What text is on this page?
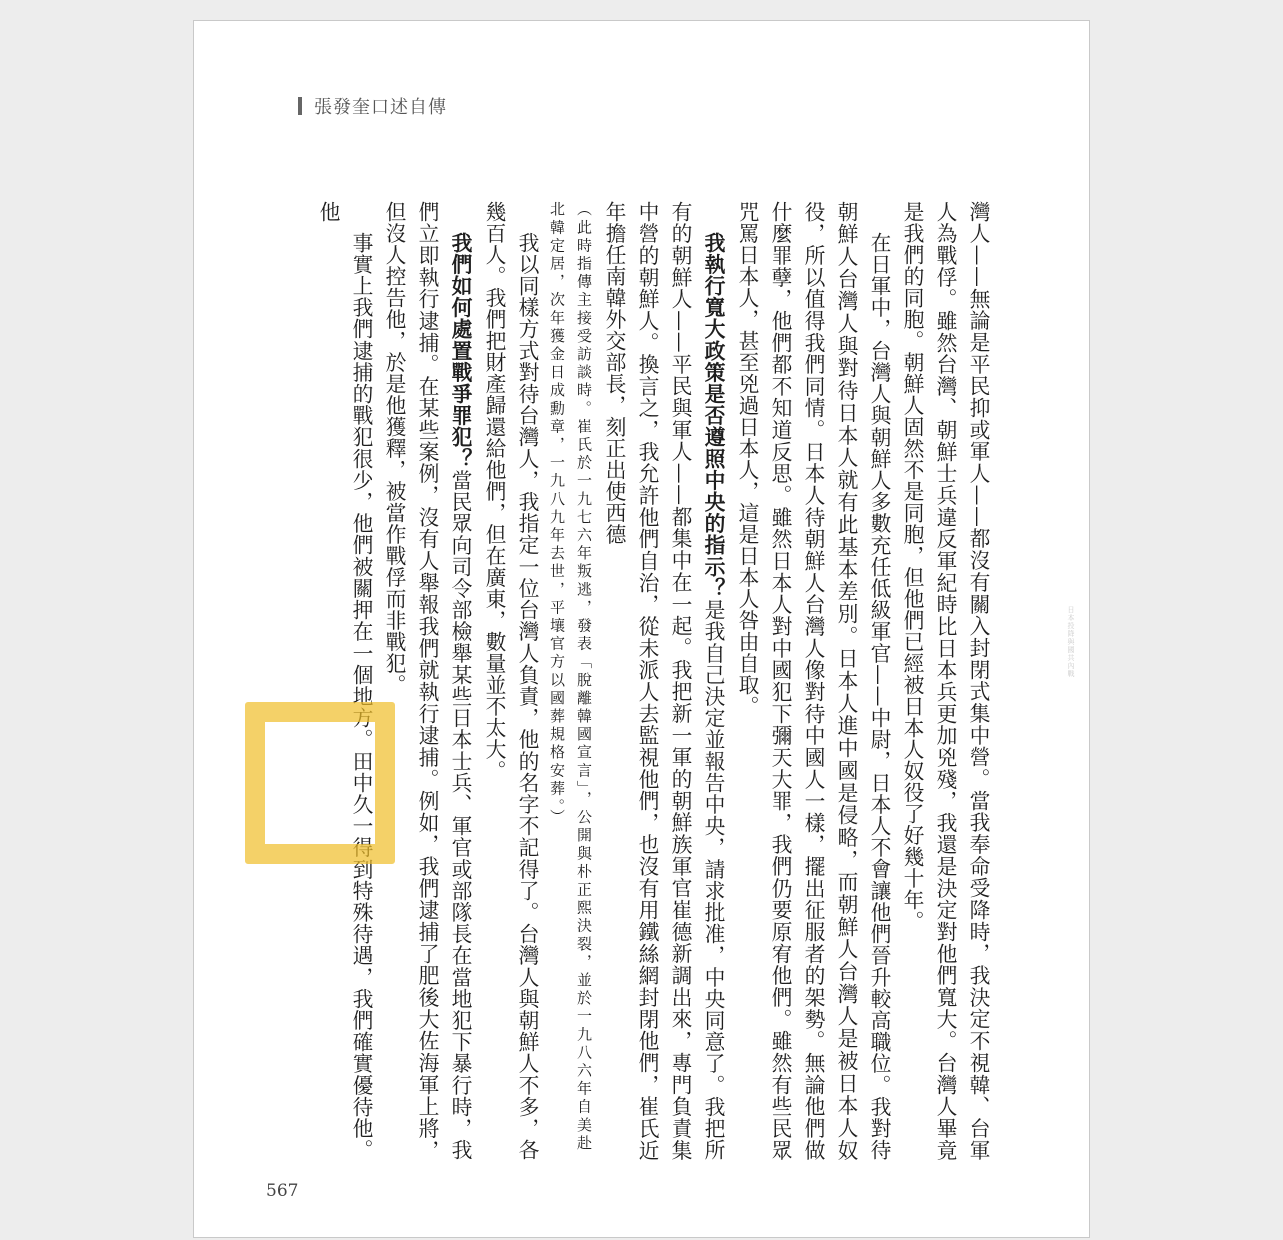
張發奎口述自傳

灣人——無論是平民抑或軍人——都沒有關入封閉式集中營。當我奉命受降時，我決定不視韓、台軍人為戰俘。雖然台灣、朝鮮士兵違反軍紀時比日本兵更加兇殘，我還是決定對他們寬大。台灣人畢竟是我們的同胞。朝鮮人固然不是同胞，但他們已經被日本人奴役了好幾十年。

在日軍中，台灣人與朝鮮人多數充任低級軍官——中尉，日本人不會讓他們晉升較高職位。我對待朝鮮人台灣人與對待日本人就有此基本差別。日本人進中國是侵略，而朝鮮人台灣人是被日本人奴役，所以值得我們同情。日本人待朝鮮人台灣人像對待中國人一樣，擺出征服者的架勢。無論他們做什麼罪孽，他們都不知道反思。雖然日本人對中國犯下彌天大罪，我們仍要原宥他們。雖然有些民眾咒罵日本人，甚至兇過日本人，這是日本人咎由自取。

我執行寬大政策是否遵照中央的指示？是我自己決定並報告中央，請求批准，中央同意了。我把所有的朝鮮人——平民與軍人——都集中在一起。我把新一軍的朝鮮族軍官崔德新調出來，專門負責集中營的朝鮮人。換言之，我允許他們自治，從未派人去監視他們，也沒有用鐵絲網封閉他們，崔氏近年擔任南韓外交部長，刻正出使西德

（此時指傳主接受訪談時。崔氏於一九七六年叛逃，發表「脫離韓國宣言」，公開與朴正熙決裂，並於一九八六年自美赴北韓定居，次年獲金日成勳章，一九八九年去世，平壤官方以國葬規格安葬。）

我以同樣方式對待台灣人，我指定一位台灣人負責，他的名字不記得了。台灣人與朝鮮人不多，各幾百人。我們把財產歸還給他們，但在廣東，數量並不太大。

我們如何處置戰爭罪犯？當民眾向司令部檢舉某些日本士兵、軍官或部隊長在當地犯下暴行時，我們立即執行逮捕。在某些案例，沒有人舉報我們就執行逮捕。例如，我們逮捕了肥後大佐海軍上將，但沒人控告他，於是他獲釋，被當作戰俘而非戰犯。

事實上我們逮捕的戰犯很少，他們被關押在一個地方。田中久一得到特殊待遇，我們確實優待他。他

日本投降與國共內戰
567
